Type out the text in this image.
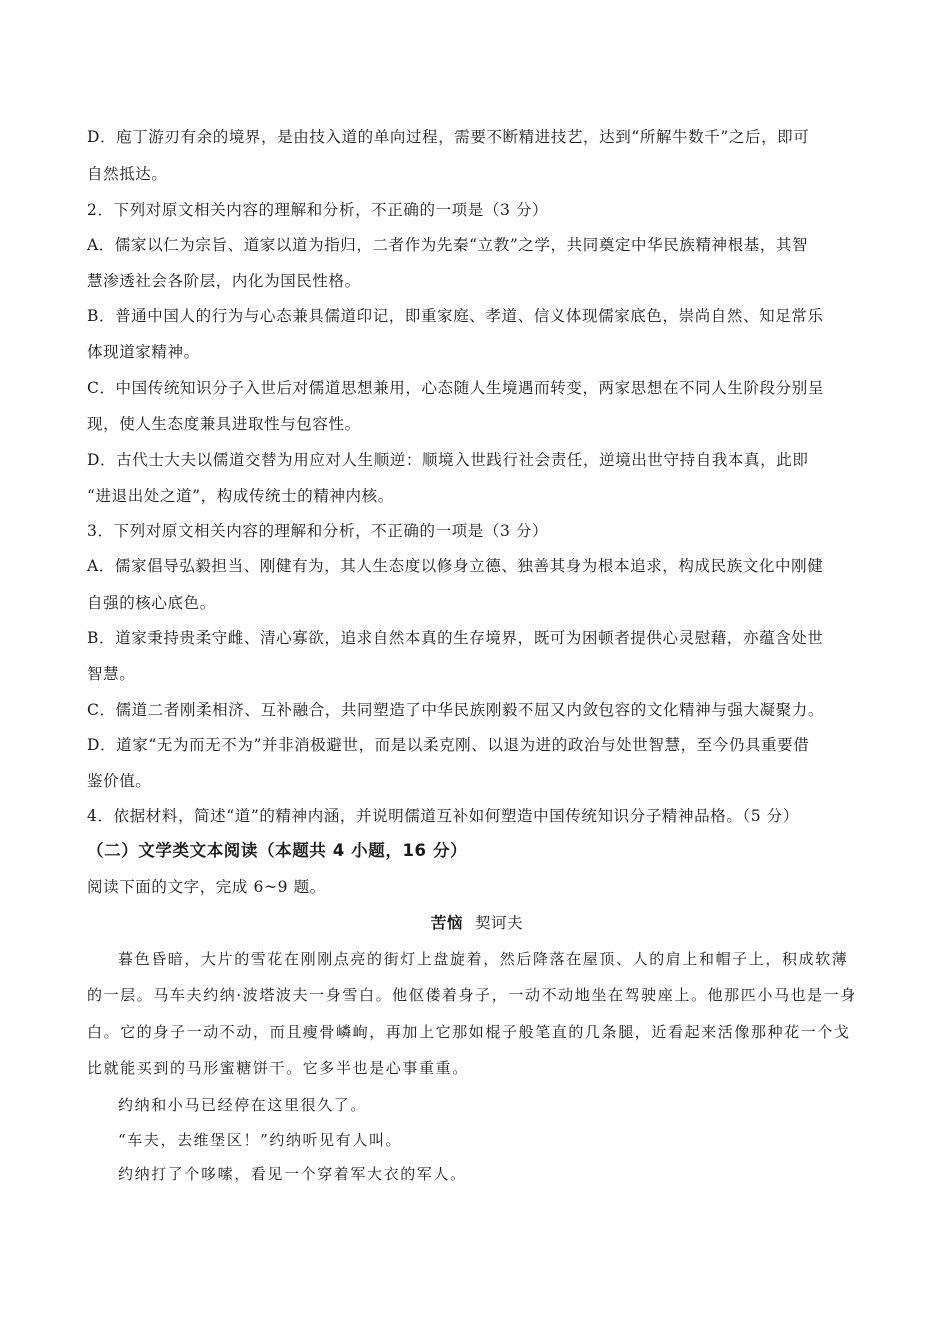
D．庖丁游刃有余的境界，是由技入道的单向过程，需要不断精进技艺，达到“所解牛数千”之后，即可
自然抵达。
2．下列对原文相关内容的理解和分析，不正确的一项是（3 分）
A．儒家以仁为宗旨、道家以道为指归，二者作为先秦“立教”之学，共同奠定中华民族精神根基，其智
慧渗透社会各阶层，内化为国民性格。
B．普通中国人的行为与心态兼具儒道印记，即重家庭、孝道、信义体现儒家底色，崇尚自然、知足常乐
体现道家精神。
C．中国传统知识分子入世后对儒道思想兼用，心态随人生境遇而转变，两家思想在不同人生阶段分别呈
现，使人生态度兼具进取性与包容性。
D．古代士大夫以儒道交替为用应对人生顺逆：顺境入世践行社会责任，逆境出世守持自我本真，此即
“进退出处之道”，构成传统士的精神内核。
3．下列对原文相关内容的理解和分析，不正确的一项是（3 分）
A．儒家倡导弘毅担当、刚健有为，其人生态度以修身立德、独善其身为根本追求，构成民族文化中刚健
自强的核心底色。
B．道家秉持贵柔守雌、清心寡欲，追求自然本真的生存境界，既可为困顿者提供心灵慰藉，亦蕴含处世
智慧。
C．儒道二者刚柔相济、互补融合，共同塑造了中华民族刚毅不屈又内敛包容的文化精神与强大凝聚力。
D．道家“无为而无不为”并非消极避世，而是以柔克刚、以退为进的政治与处世智慧，至今仍具重要借
鉴价值。
4．依据材料，简述“道”的精神内涵，并说明儒道互补如何塑造中国传统知识分子精神品格。（5 分）
（二）文学类文本阅读（本题共 4 小题，16 分）
阅读下面的文字，完成 6~9 题。
苦恼 契诃夫
暮色昏暗，大片的雪花在刚刚点亮的街灯上盘旋着，然后降落在屋顶、人的肩上和帽子上，积成软薄
的一层。马车夫约纳·波塔波夫一身雪白。他伛偻着身子，一动不动地坐在驾驶座上。他那匹小马也是一身
白。它的身子一动不动，而且瘦骨嶙峋，再加上它那如棍子般笔直的几条腿，近看起来活像那种花一个戈
比就能买到的马形蜜糖饼干。它多半也是心事重重。
约纳和小马已经停在这里很久了。
“车夫，去维堡区！”约纳听见有人叫。
约纳打了个哆嗦，看见一个穿着军大衣的军人。
